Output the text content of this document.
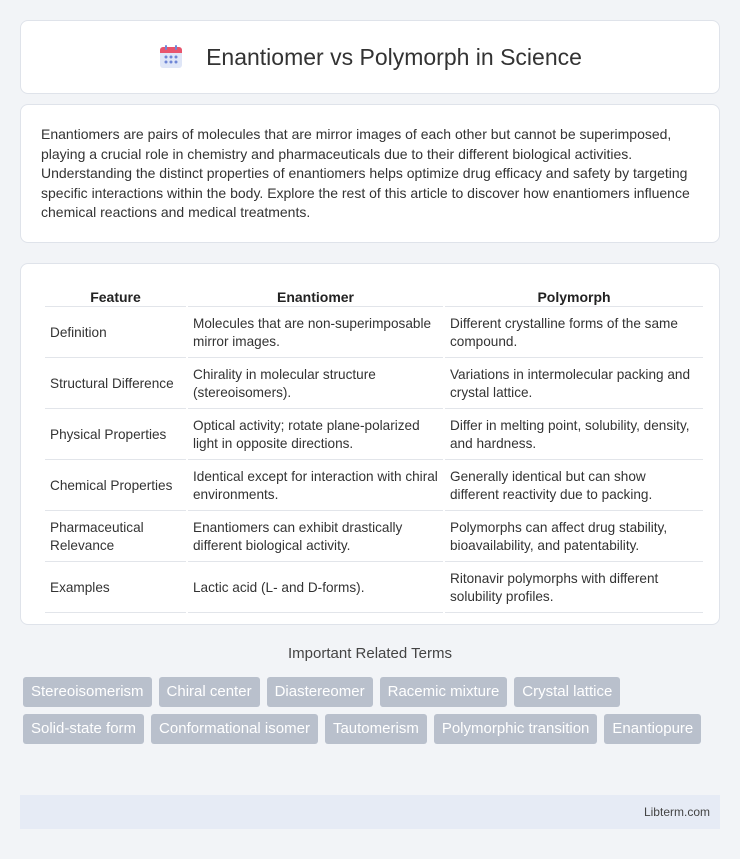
Enantiomer vs Polymorph in Science

Enantiomers are pairs of molecules that are mirror images of each other but cannot be superimposed, playing a crucial role in chemistry and pharmaceuticals due to their different biological activities. Understanding the distinct properties of enantiomers helps optimize drug efficacy and safety by targeting specific interactions within the body. Explore the rest of this article to discover how enantiomers influence chemical reactions and medical treatments.

Feature	Enantiomer	Polymorph
Definition	Molecules that are non-superimposable mirror images.	Different crystalline forms of the same compound.
Structural Difference	Chirality in molecular structure (stereoisomers).	Variations in intermolecular packing and crystal lattice.
Physical Properties	Optical activity; rotate plane-polarized light in opposite directions.	Differ in melting point, solubility, density, and hardness.
Chemical Properties	Identical except for interaction with chiral environments.	Generally identical but can show different reactivity due to packing.
Pharmaceutical Relevance	Enantiomers can exhibit drastically different biological activity.	Polymorphs can affect drug stability, bioavailability, and patentability.
Examples	Lactic acid (L- and D-forms).	Ritonavir polymorphs with different solubility profiles.
Important Related Terms
Stereoisomerism	Chiral center	Diastereomer	Racemic mixture	Crystal lattice
Solid-state form	Conformational isomer	Tautomerism	Polymorphic transition	Enantiopure
Libterm.com
